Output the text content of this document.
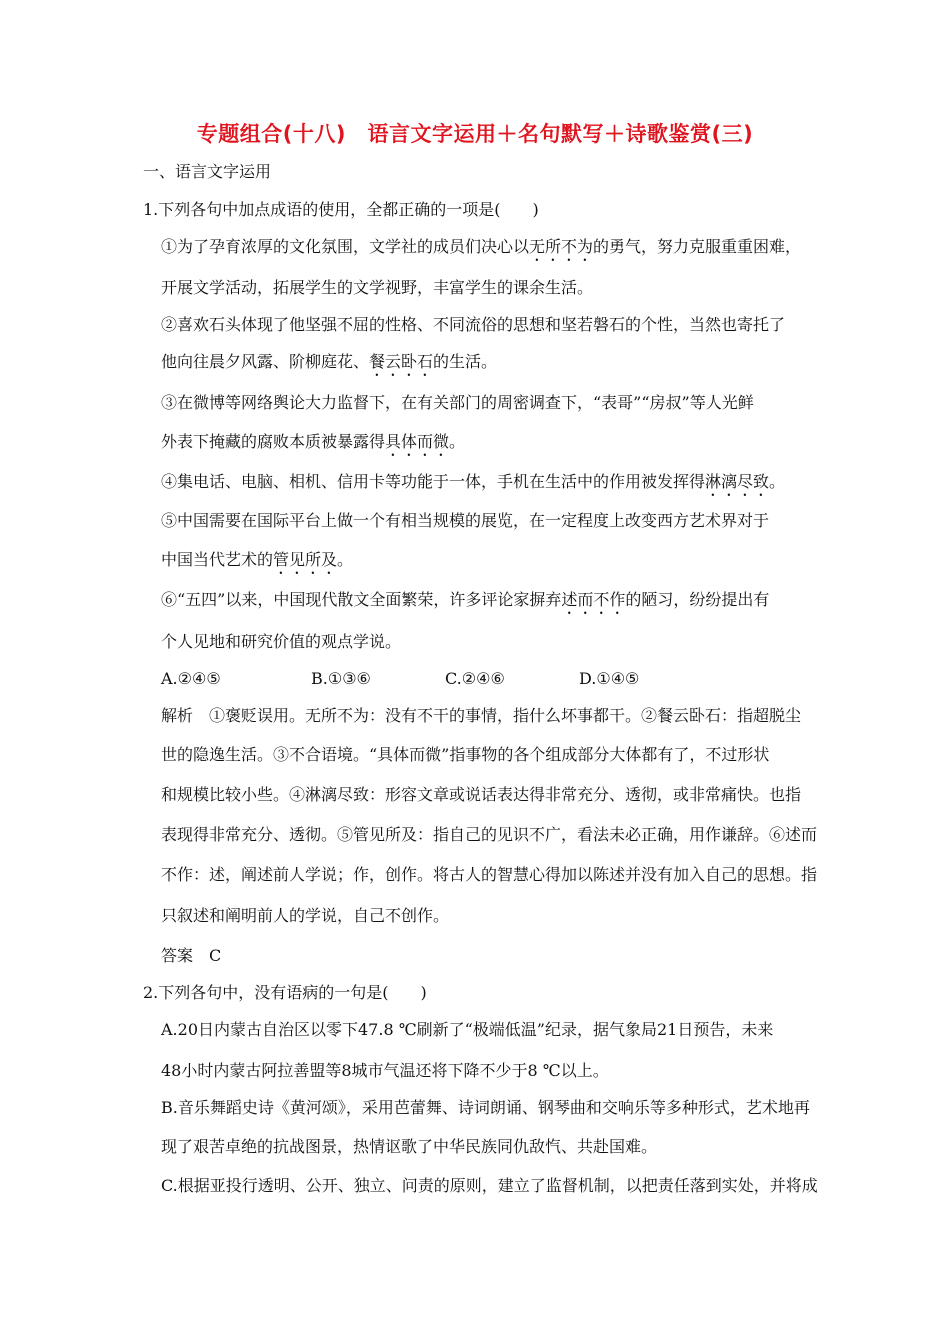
专题组合(十八)　语言文字运用＋名句默写＋诗歌鉴赏(三)
一、语言文字运用
1.下列各句中加点成语的使用，全都正确的一项是(　　)
①为了孕育浓厚的文化氛围，文学社的成员们决心以无所不为的勇气，努力克服重重困难，
开展文学活动，拓展学生的文学视野，丰富学生的课余生活。
②喜欢石头体现了他坚强不屈的性格、不同流俗的思想和坚若磐石的个性，当然也寄托了
他向往晨夕风露、阶柳庭花、餐云卧石的生活。
③在微博等网络舆论大力监督下，在有关部门的周密调查下，“表哥”“房叔”等人光鲜
外表下掩藏的腐败本质被暴露得具体而微。
④集电话、电脑、相机、信用卡等功能于一体，手机在生活中的作用被发挥得淋漓尽致。
⑤中国需要在国际平台上做一个有相当规模的展览，在一定程度上改变西方艺术界对于
中国当代艺术的管见所及。
⑥“五四”以来，中国现代散文全面繁荣，许多评论家摒弃述而不作的陋习，纷纷提出有
个人见地和研究价值的观点学说。
A.②④⑤	B.①③⑥	C.②④⑥	D.①④⑤
解析　①褒贬误用。无所不为：没有不干的事情，指什么坏事都干。②餐云卧石：指超脱尘
世的隐逸生活。③不合语境。“具体而微”指事物的各个组成部分大体都有了，不过形状
和规模比较小些。④淋漓尽致：形容文章或说话表达得非常充分、透彻，或非常痛快。也指
表现得非常充分、透彻。⑤管见所及：指自己的见识不广，看法未必正确，用作谦辞。⑥述而
不作：述，阐述前人学说；作，创作。将古人的智慧心得加以陈述并没有加入自己的思想。指
只叙述和阐明前人的学说，自己不创作。
答案　C
2.下列各句中，没有语病的一句是(　　)
A.20日内蒙古自治区以零下47.8 ℃刷新了“极端低温”纪录，据气象局21日预告，未来
48小时内蒙古阿拉善盟等8城市气温还将下降不少于8 ℃以上。
B.音乐舞蹈史诗《黄河颂》，采用芭蕾舞、诗词朗诵、钢琴曲和交响乐等多种形式，艺术地再
现了艰苦卓绝的抗战图景，热情讴歌了中华民族同仇敌忾、共赴国难。
C.根据亚投行透明、公开、独立、问责的原则，建立了监督机制，以把责任落到实处，并将成
